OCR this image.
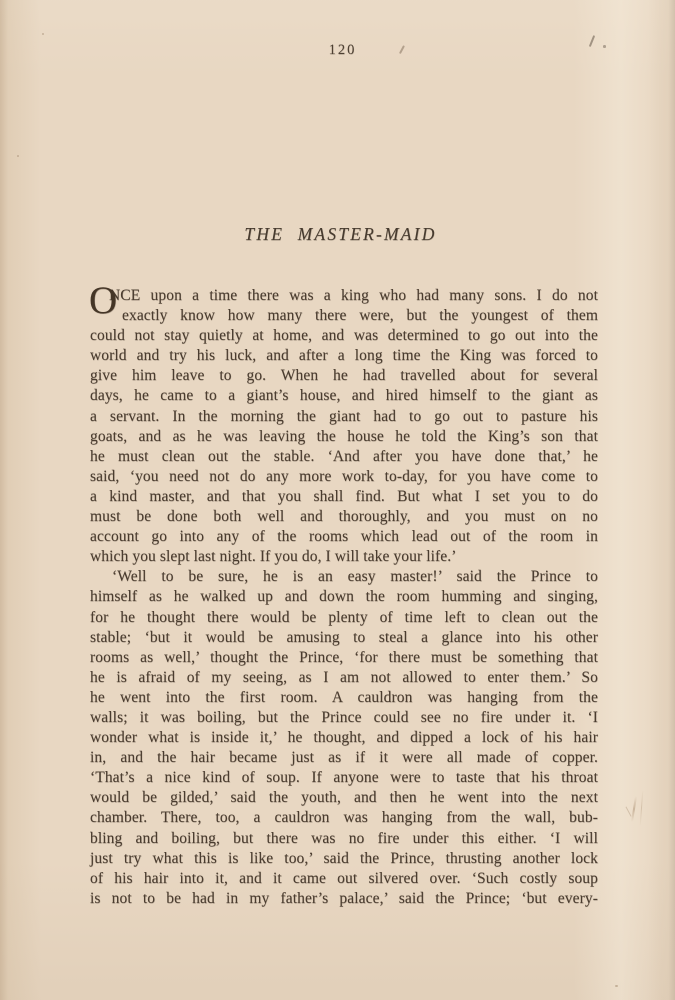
120
THE MASTER-MAID
O
NCE upon a time there was a king who had many sons. I do not
exactly know how many there were, but the youngest of them
could not stay quietly at home, and was determined to go out into the
world and try his luck, and after a long time the King was forced to
give him leave to go. When he had travelled about for several
days, he came to a giant’s house, and hired himself to the giant as
a servant. In the morning the giant had to go out to pasture his
goats, and as he was leaving the house he told the King’s son that
he must clean out the stable. ‘And after you have done that,’ he
said, ‘you need not do any more work to-day, for you have come to
a kind master, and that you shall find. But what I set you to do
must be done both well and thoroughly, and you must on no
account go into any of the rooms which lead out of the room in
which you slept last night. If you do, I will take your life.’
‘Well to be sure, he is an easy master!’ said the Prince to
himself as he walked up and down the room humming and singing,
for he thought there would be plenty of time left to clean out the
stable; ‘but it would be amusing to steal a glance into his other
rooms as well,’ thought the Prince, ‘for there must be something that
he is afraid of my seeing, as I am not allowed to enter them.’ So
he went into the first room. A cauldron was hanging from the
walls; it was boiling, but the Prince could see no fire under it. ‘I
wonder what is inside it,’ he thought, and dipped a lock of his hair
in, and the hair became just as if it were all made of copper.
‘That’s a nice kind of soup. If anyone were to taste that his throat
would be gilded,’ said the youth, and then he went into the next
chamber. There, too, a cauldron was hanging from the wall, bub-
bling and boiling, but there was no fire under this either. ‘I will
just try what this is like too,’ said the Prince, thrusting another lock
of his hair into it, and it came out silvered over. ‘Such costly soup
is not to be had in my father’s palace,’ said the Prince; ‘but every-
